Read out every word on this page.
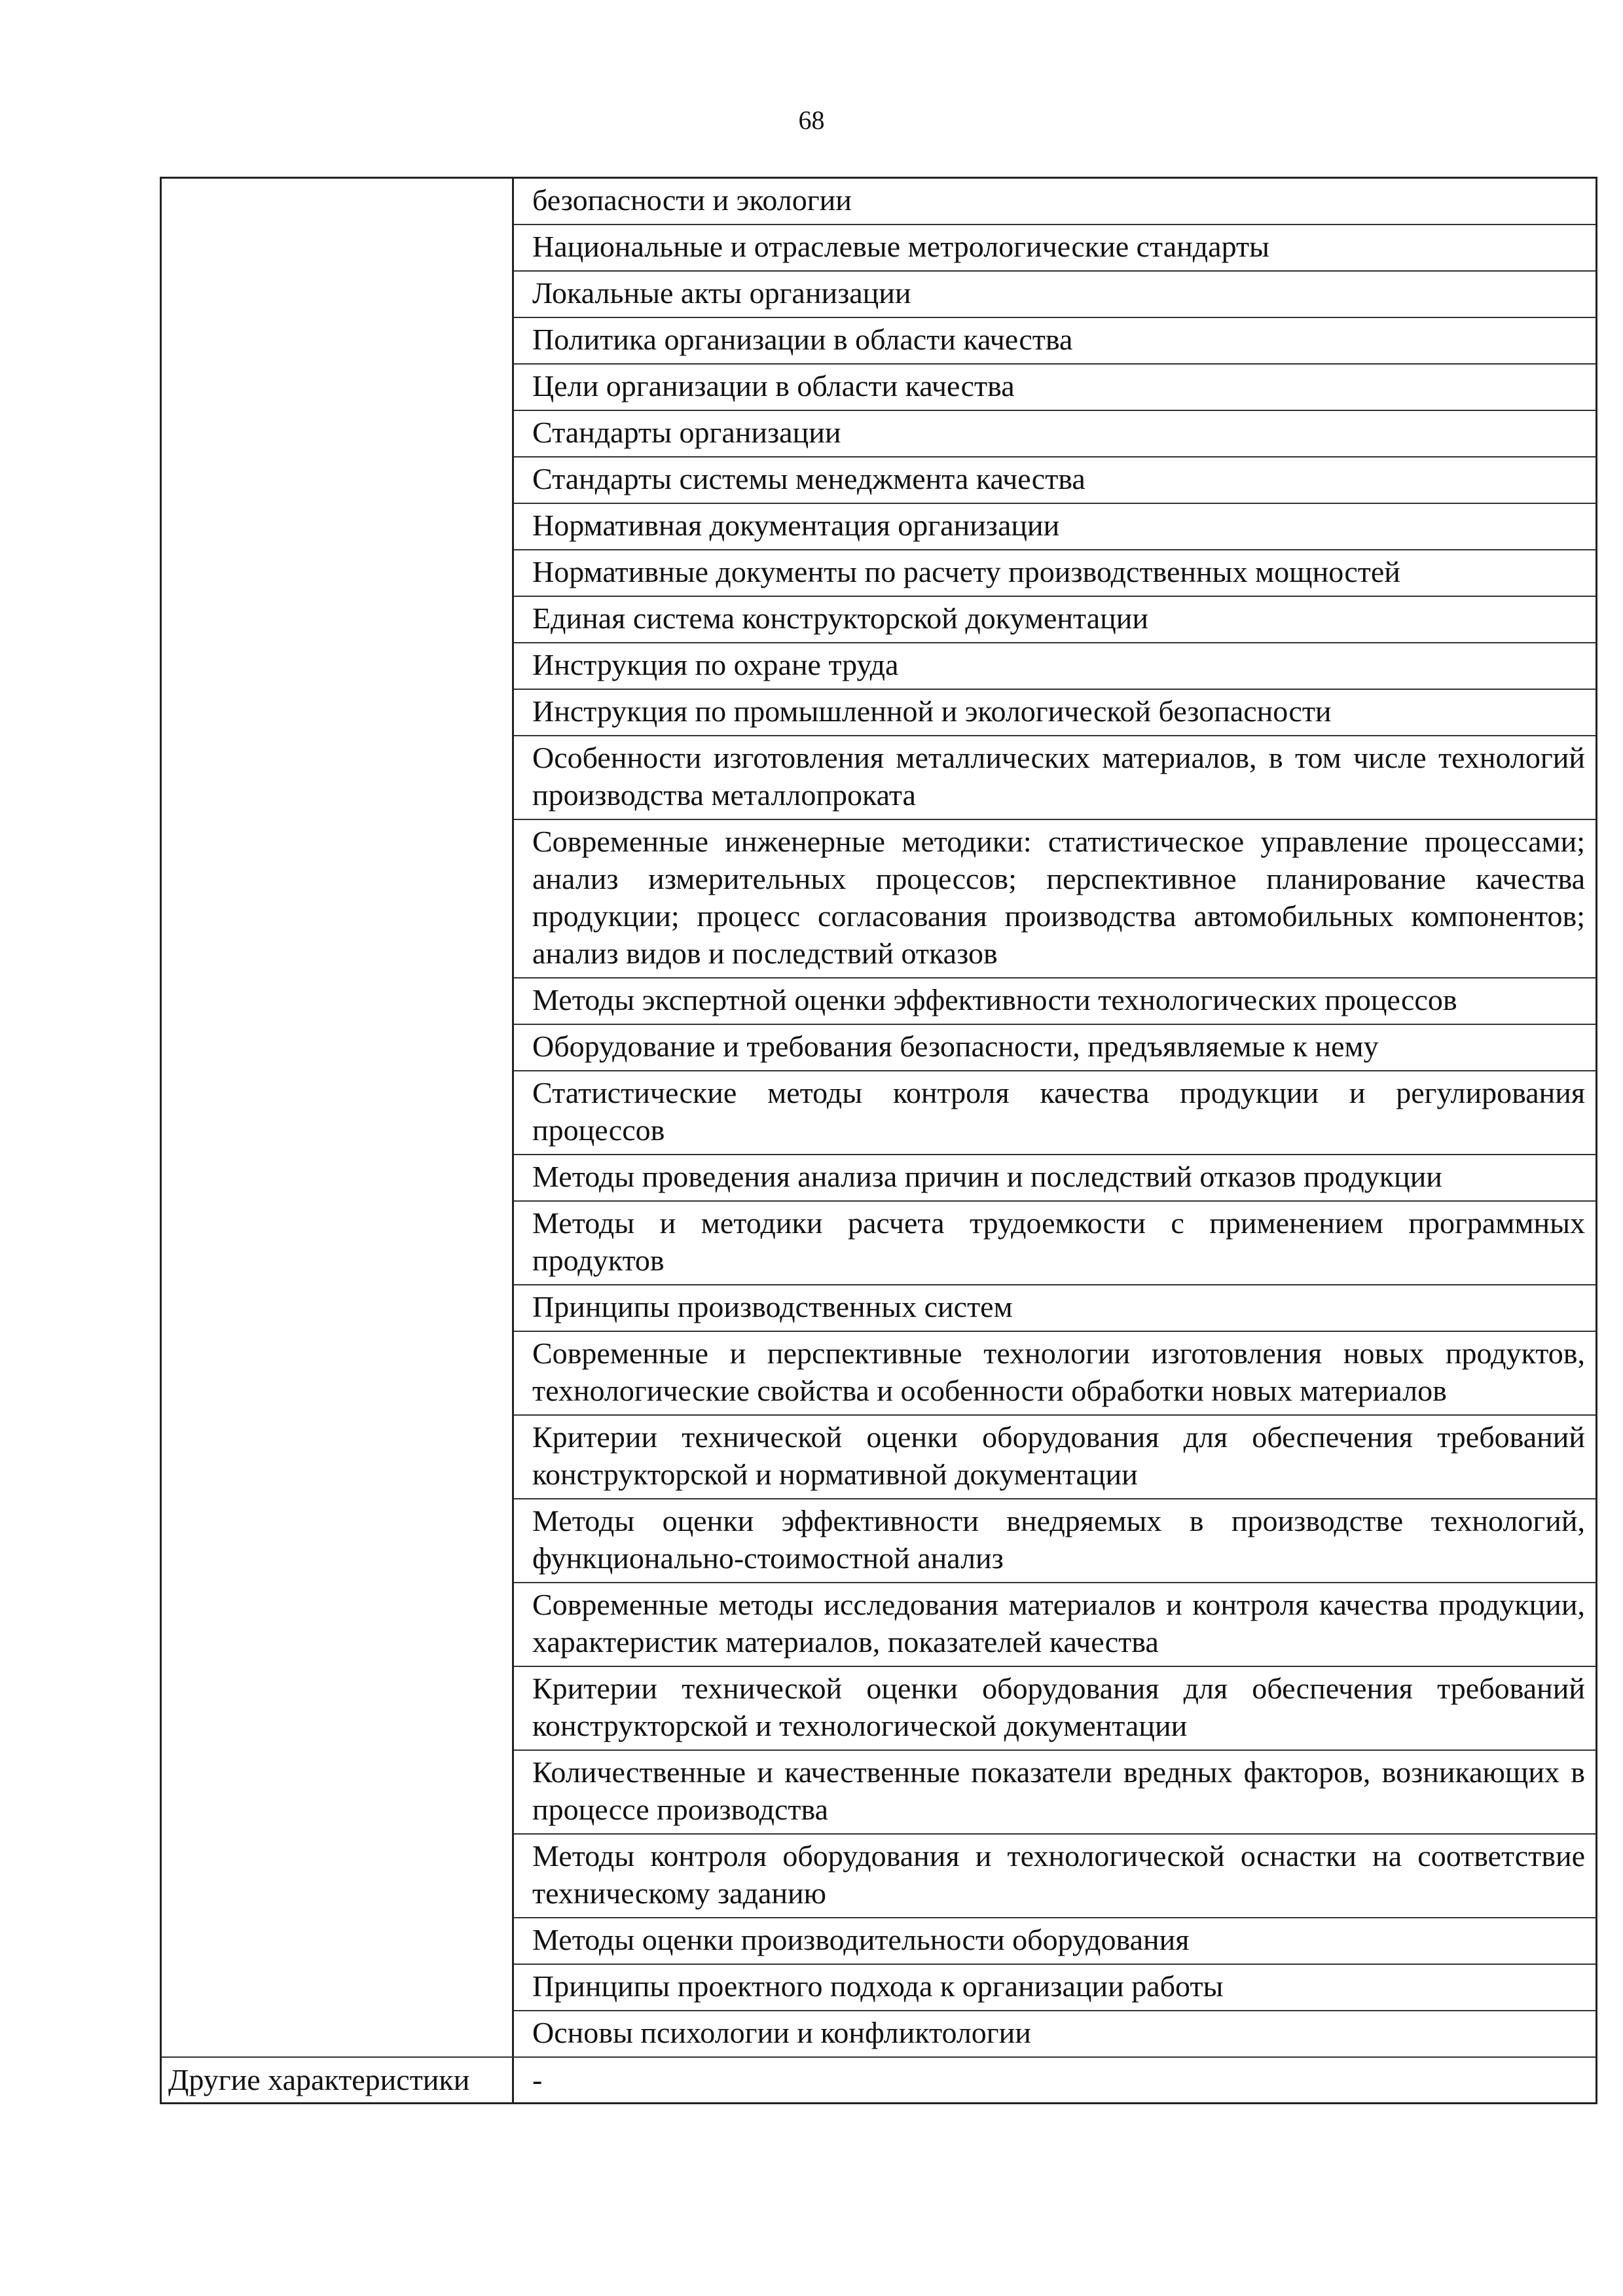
68
безопасности и экологии
Национальные и отраслевые метрологические стандарты
Локальные акты организации
Политика организации в области качества
Цели организации в области качества
Стандарты организации
Стандарты системы менеджмента качества
Нормативная документация организации
Нормативные документы по расчету производственных мощностей
Единая система конструкторской документации
Инструкция по охране труда
Инструкция по промышленной и экологической безопасности
Особенности изготовления металлических материалов, в том числе технологий производства металлопроката
Современные инженерные методики: статистическое управление процессами; анализ измерительных процессов; перспективное планирование качества продукции; процесс согласования производства автомобильных компонентов; анализ видов и последствий отказов
Методы экспертной оценки эффективности технологических процессов
Оборудование и требования безопасности, предъявляемые к нему
Статистические методы контроля качества продукции и регулирования процессов
Методы проведения анализа причин и последствий отказов продукции
Методы и методики расчета трудоемкости с применением программных продуктов
Принципы производственных систем
Современные и перспективные технологии изготовления новых продуктов, технологические свойства и особенности обработки новых материалов
Критерии технической оценки оборудования для обеспечения требований конструкторской и нормативной документации
Методы оценки эффективности внедряемых в производстве технологий, функционально-стоимостной анализ
Современные методы исследования материалов и контроля качества продукции, характеристик материалов, показателей качества
Критерии технической оценки оборудования для обеспечения требований конструкторской и технологической документации
Количественные и качественные показатели вредных факторов, возникающих в процессе производства
Методы контроля оборудования и технологической оснастки на соответствие техническому заданию
Методы оценки производительности оборудования
Принципы проектного подхода к организации работы
Основы психологии и конфликтологии
Другие характеристики	-
